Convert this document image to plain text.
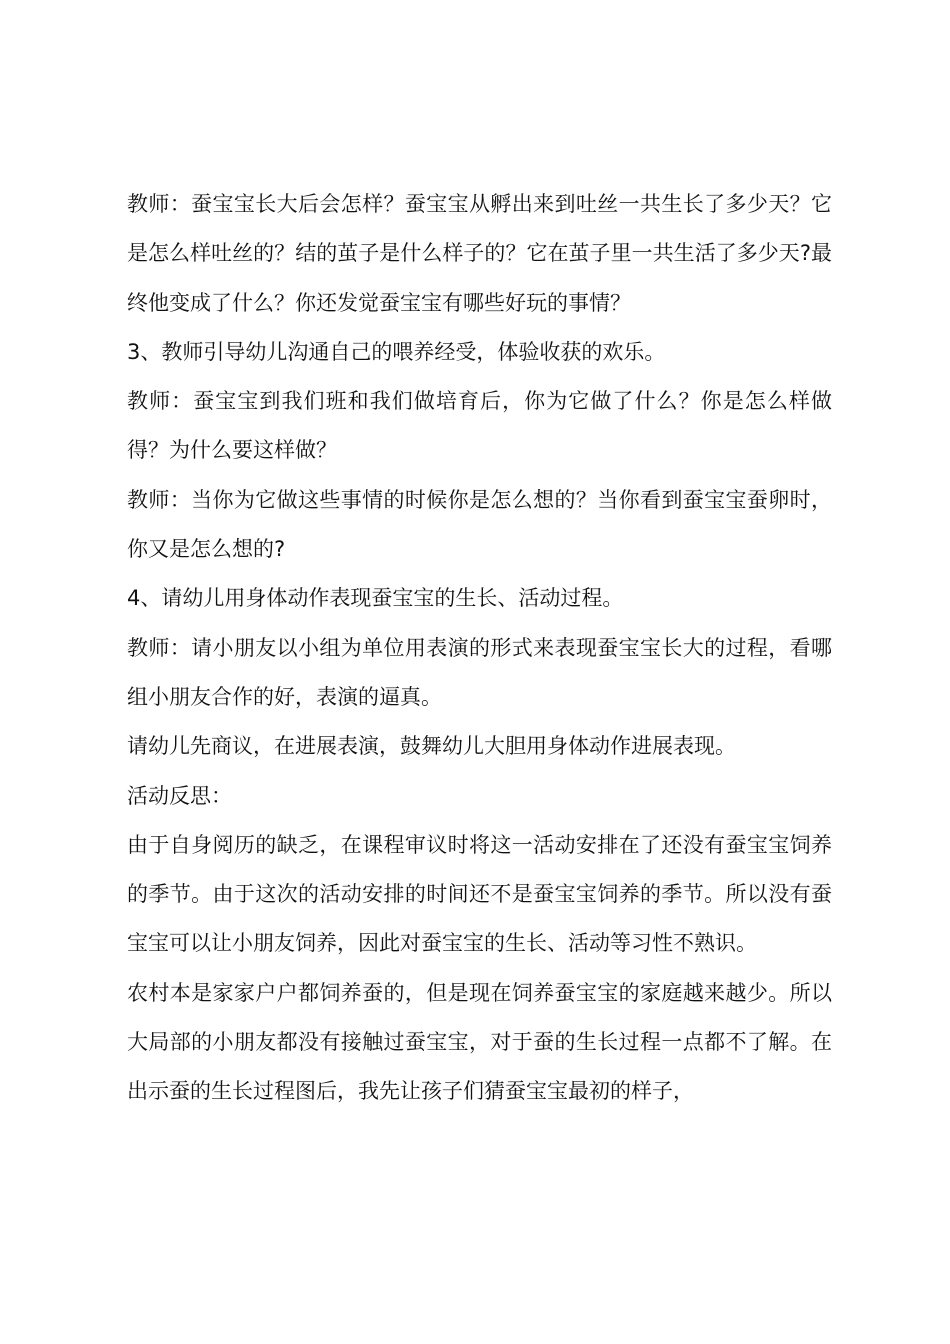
教师：蚕宝宝长大后会怎样？蚕宝宝从孵出来到吐丝一共生长了多少天？它是怎么样吐丝的？结的茧子是什么样子的？它在茧子里一共生活了多少天?最终他变成了什么？你还发觉蚕宝宝有哪些好玩的事情？

3、教师引导幼儿沟通自己的喂养经受，体验收获的欢乐。

教师：蚕宝宝到我们班和我们做培育后，你为它做了什么？你是怎么样做得？为什么要这样做？

教师：当你为它做这些事情的时候你是怎么想的？当你看到蚕宝宝蚕卵时，你又是怎么想的?

4、请幼儿用身体动作表现蚕宝宝的生长、活动过程。

教师：请小朋友以小组为单位用表演的形式来表现蚕宝宝长大的过程，看哪组小朋友合作的好，表演的逼真。

请幼儿先商议，在进展表演，鼓舞幼儿大胆用身体动作进展表现。

活动反思：

由于自身阅历的缺乏，在课程审议时将这一活动安排在了还没有蚕宝宝饲养的季节。由于这次的活动安排的时间还不是蚕宝宝饲养的季节。所以没有蚕宝宝可以让小朋友饲养，因此对蚕宝宝的生长、活动等习性不熟识。

农村本是家家户户都饲养蚕的，但是现在饲养蚕宝宝的家庭越来越少。所以大局部的小朋友都没有接触过蚕宝宝，对于蚕的生长过程一点都不了解。在出示蚕的生长过程图后，我先让孩子们猜蚕宝宝最初的样子，
